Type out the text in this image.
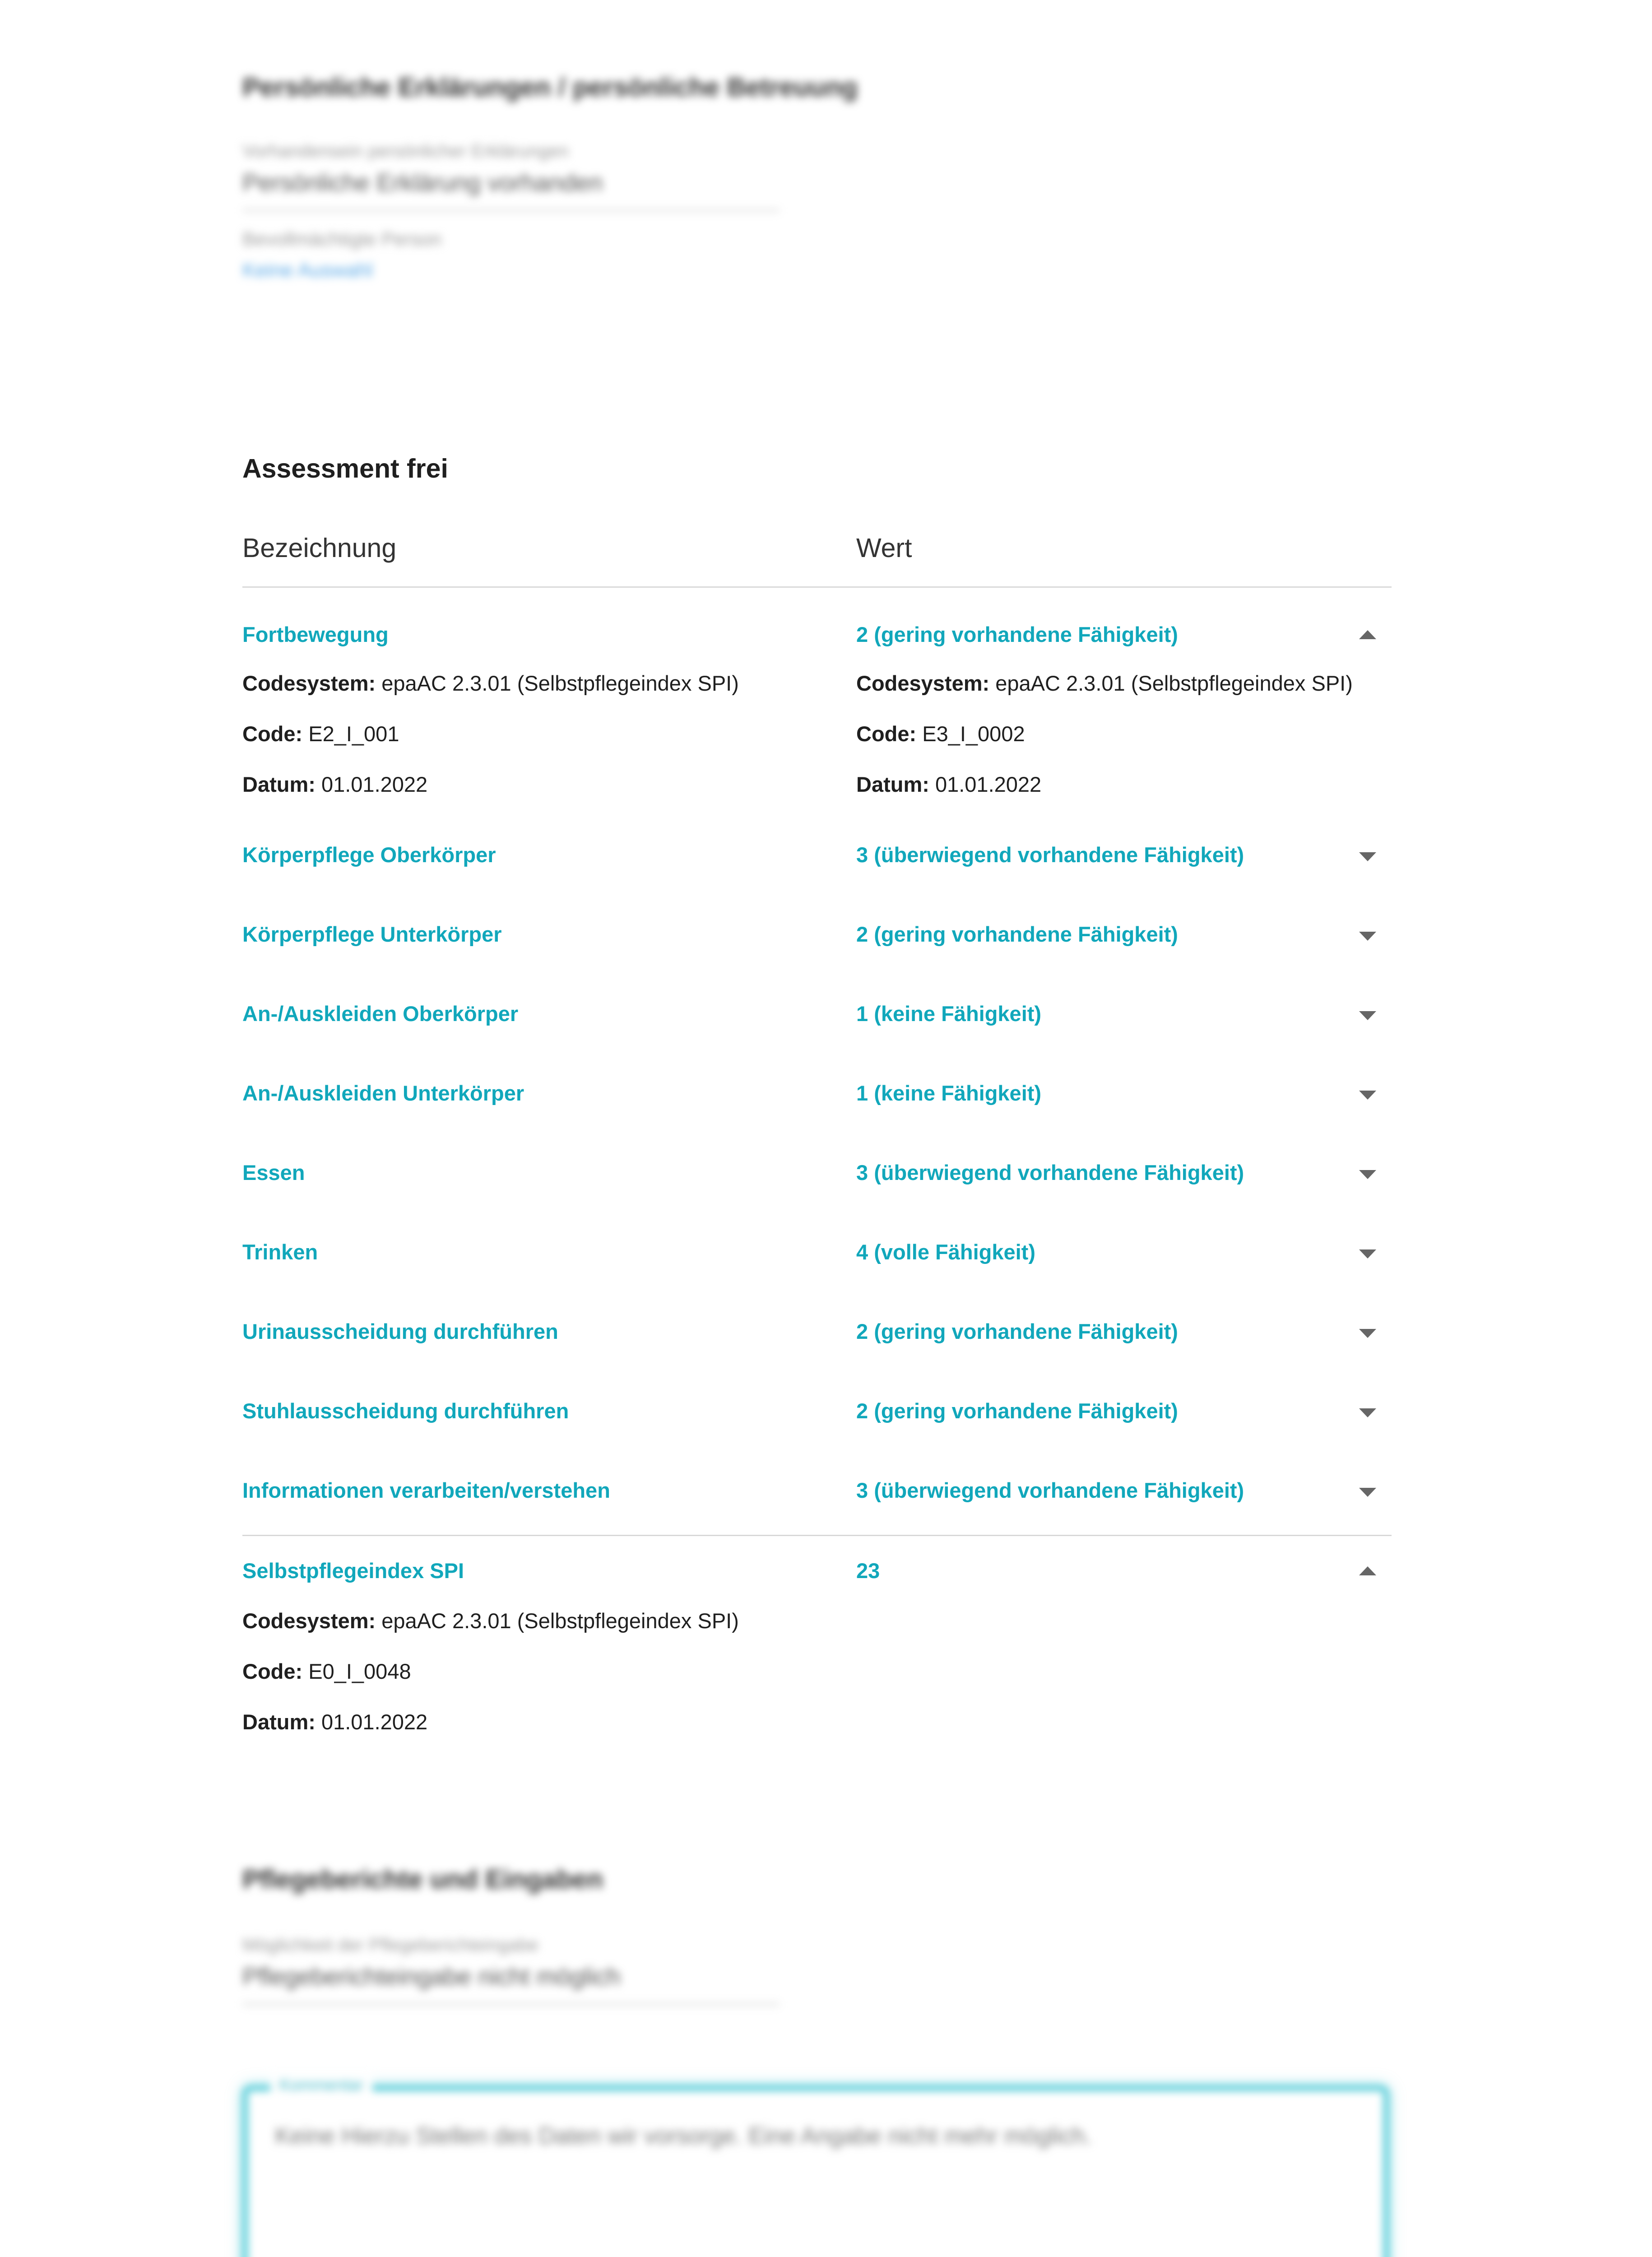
Persönliche Erklärungen / persönliche Betreuung
Vorhandensein persönlicher Erklärungen
Persönliche Erklärung vorhanden
Bevollmächtigte Person
Keine Auswahl
Assessment frei
Bezeichnung	Wert
Fortbewegung	2 (gering vorhandene Fähigkeit)
Codesystem: epaAC 2.3.01 (Selbstpflegeindex SPI)
Code: E2_I_001
Datum: 01.01.2022
Codesystem: epaAC 2.3.01 (Selbstpflegeindex SPI)
Code: E3_I_0002
Datum: 01.01.2022
Körperpflege Oberkörper	3 (überwiegend vorhandene Fähigkeit)
Körperpflege Unterkörper	2 (gering vorhandene Fähigkeit)
An-/Auskleiden Oberkörper	1 (keine Fähigkeit)
An-/Auskleiden Unterkörper	1 (keine Fähigkeit)
Essen	3 (überwiegend vorhandene Fähigkeit)
Trinken	4 (volle Fähigkeit)
Urinausscheidung durchführen	2 (gering vorhandene Fähigkeit)
Stuhlausscheidung durchführen	2 (gering vorhandene Fähigkeit)
Informationen verarbeiten/verstehen	3 (überwiegend vorhandene Fähigkeit)
Selbstpflegeindex SPI	23
Codesystem: epaAC 2.3.01 (Selbstpflegeindex SPI)
Code: E0_I_0048
Datum: 01.01.2022
Pflegeberichte und Eingaben
Möglichkeit der Pflegeberichteingabe
Pflegeberichteingabe nicht möglich
Kommentar
Keine Hierzu Stellen des Daten wir vorsorge. Eine Angabe nicht mehr möglich.
